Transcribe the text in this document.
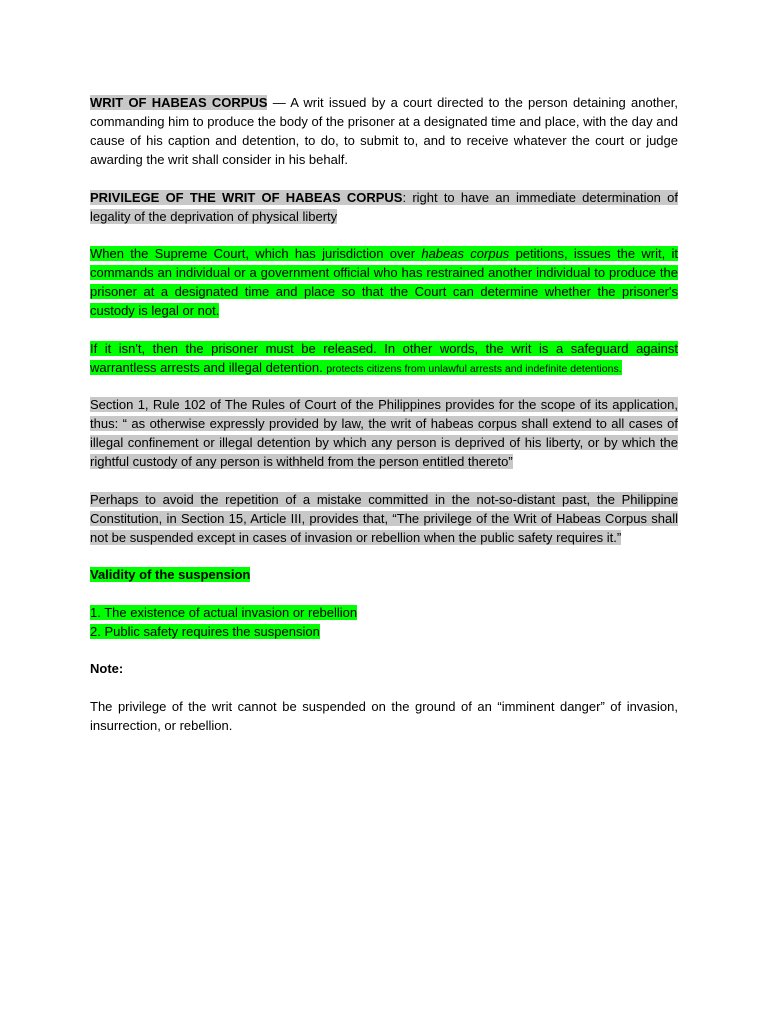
WRIT OF HABEAS CORPUS — A writ issued by a court directed to the person detaining another, commanding him to produce the body of the prisoner at a designated time and place, with the day and cause of his caption and detention, to do, to submit to, and to receive whatever the court or judge awarding the writ shall consider in his behalf.

PRIVILEGE OF THE WRIT OF HABEAS CORPUS: right to have an immediate determination of legality of the deprivation of physical liberty

When the Supreme Court, which has jurisdiction over habeas corpus petitions, issues the writ, it commands an individual or a government official who has restrained another individual to produce the prisoner at a designated time and place so that the Court can determine whether the prisoner's custody is legal or not.

If it isn't, then the prisoner must be released. In other words, the writ is a safeguard against warrantless arrests and illegal detention. protects citizens from unlawful arrests and indefinite detentions.

Section 1, Rule 102 of The Rules of Court of the Philippines provides for the scope of its application, thus: “ as otherwise expressly provided by law, the writ of habeas corpus shall extend to all cases of illegal confinement or illegal detention by which any person is deprived of his liberty, or by which the rightful custody of any person is withheld from the person entitled thereto”

Perhaps to avoid the repetition of a mistake committed in the not-so-distant past, the Philippine Constitution, in Section 15, Article III, provides that, “The privilege of the Writ of Habeas Corpus shall not be suspended except in cases of invasion or rebellion when the public safety requires it.”

Validity of the suspension

1. The existence of actual invasion or rebellion
2. Public safety requires the suspension

Note:

The privilege of the writ cannot be suspended on the ground of an “imminent danger” of invasion, insurrection, or rebellion.
